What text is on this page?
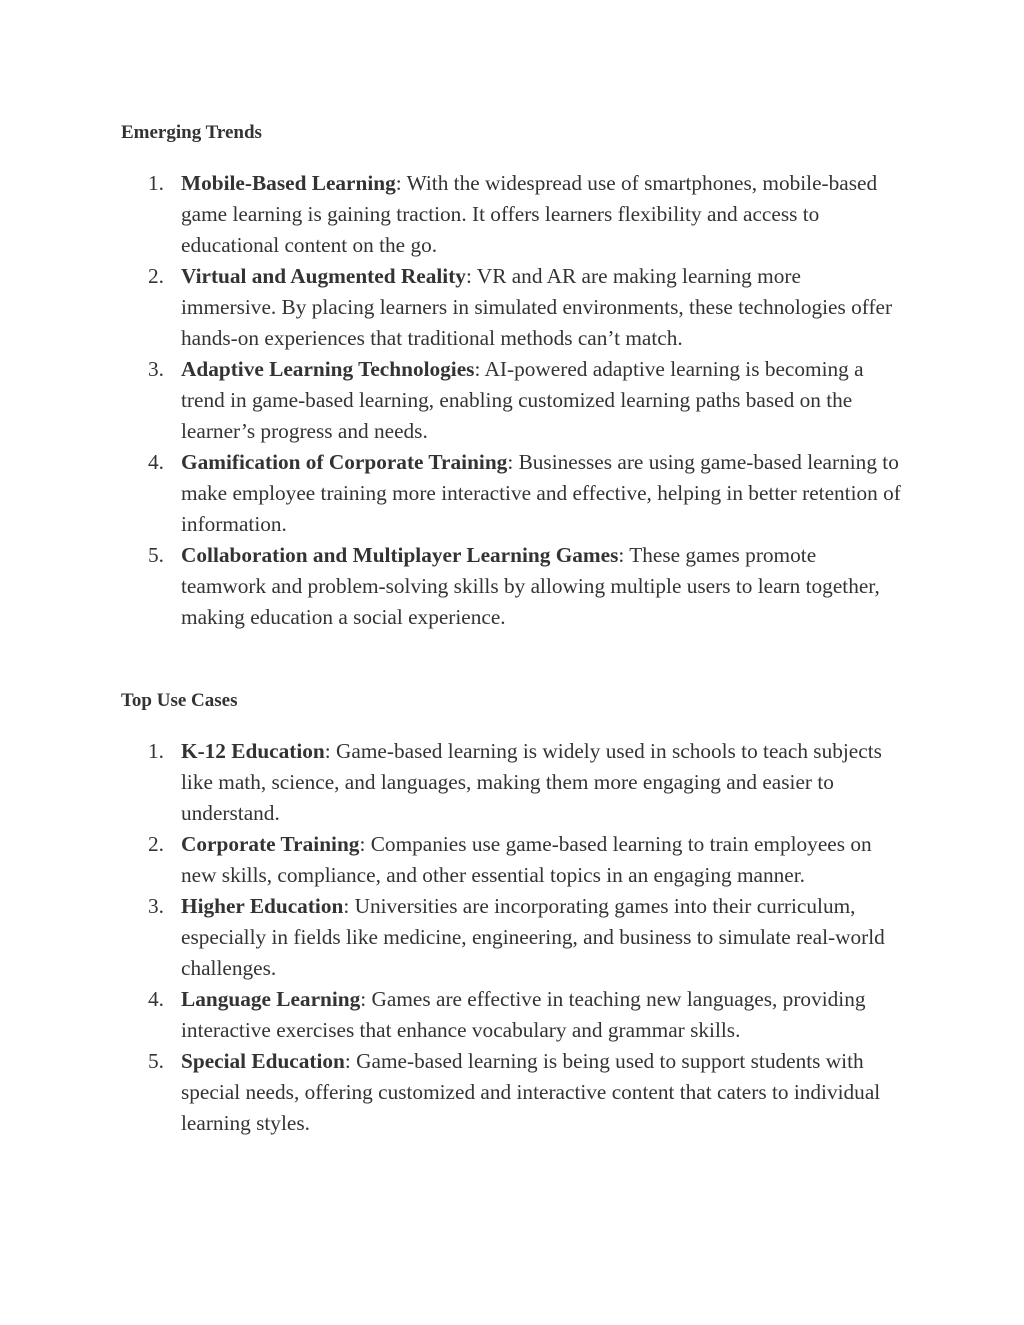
Emerging Trends
1. Mobile-Based Learning: With the widespread use of smartphones, mobile-based game learning is gaining traction. It offers learners flexibility and access to educational content on the go.
2. Virtual and Augmented Reality: VR and AR are making learning more immersive. By placing learners in simulated environments, these technologies offer hands-on experiences that traditional methods can’t match.
3. Adaptive Learning Technologies: AI-powered adaptive learning is becoming a trend in game-based learning, enabling customized learning paths based on the learner’s progress and needs.
4. Gamification of Corporate Training: Businesses are using game-based learning to make employee training more interactive and effective, helping in better retention of information.
5. Collaboration and Multiplayer Learning Games: These games promote teamwork and problem-solving skills by allowing multiple users to learn together, making education a social experience.
Top Use Cases
1. K-12 Education: Game-based learning is widely used in schools to teach subjects like math, science, and languages, making them more engaging and easier to understand.
2. Corporate Training: Companies use game-based learning to train employees on new skills, compliance, and other essential topics in an engaging manner.
3. Higher Education: Universities are incorporating games into their curriculum, especially in fields like medicine, engineering, and business to simulate real-world challenges.
4. Language Learning: Games are effective in teaching new languages, providing interactive exercises that enhance vocabulary and grammar skills.
5. Special Education: Game-based learning is being used to support students with special needs, offering customized and interactive content that caters to individual learning styles.
